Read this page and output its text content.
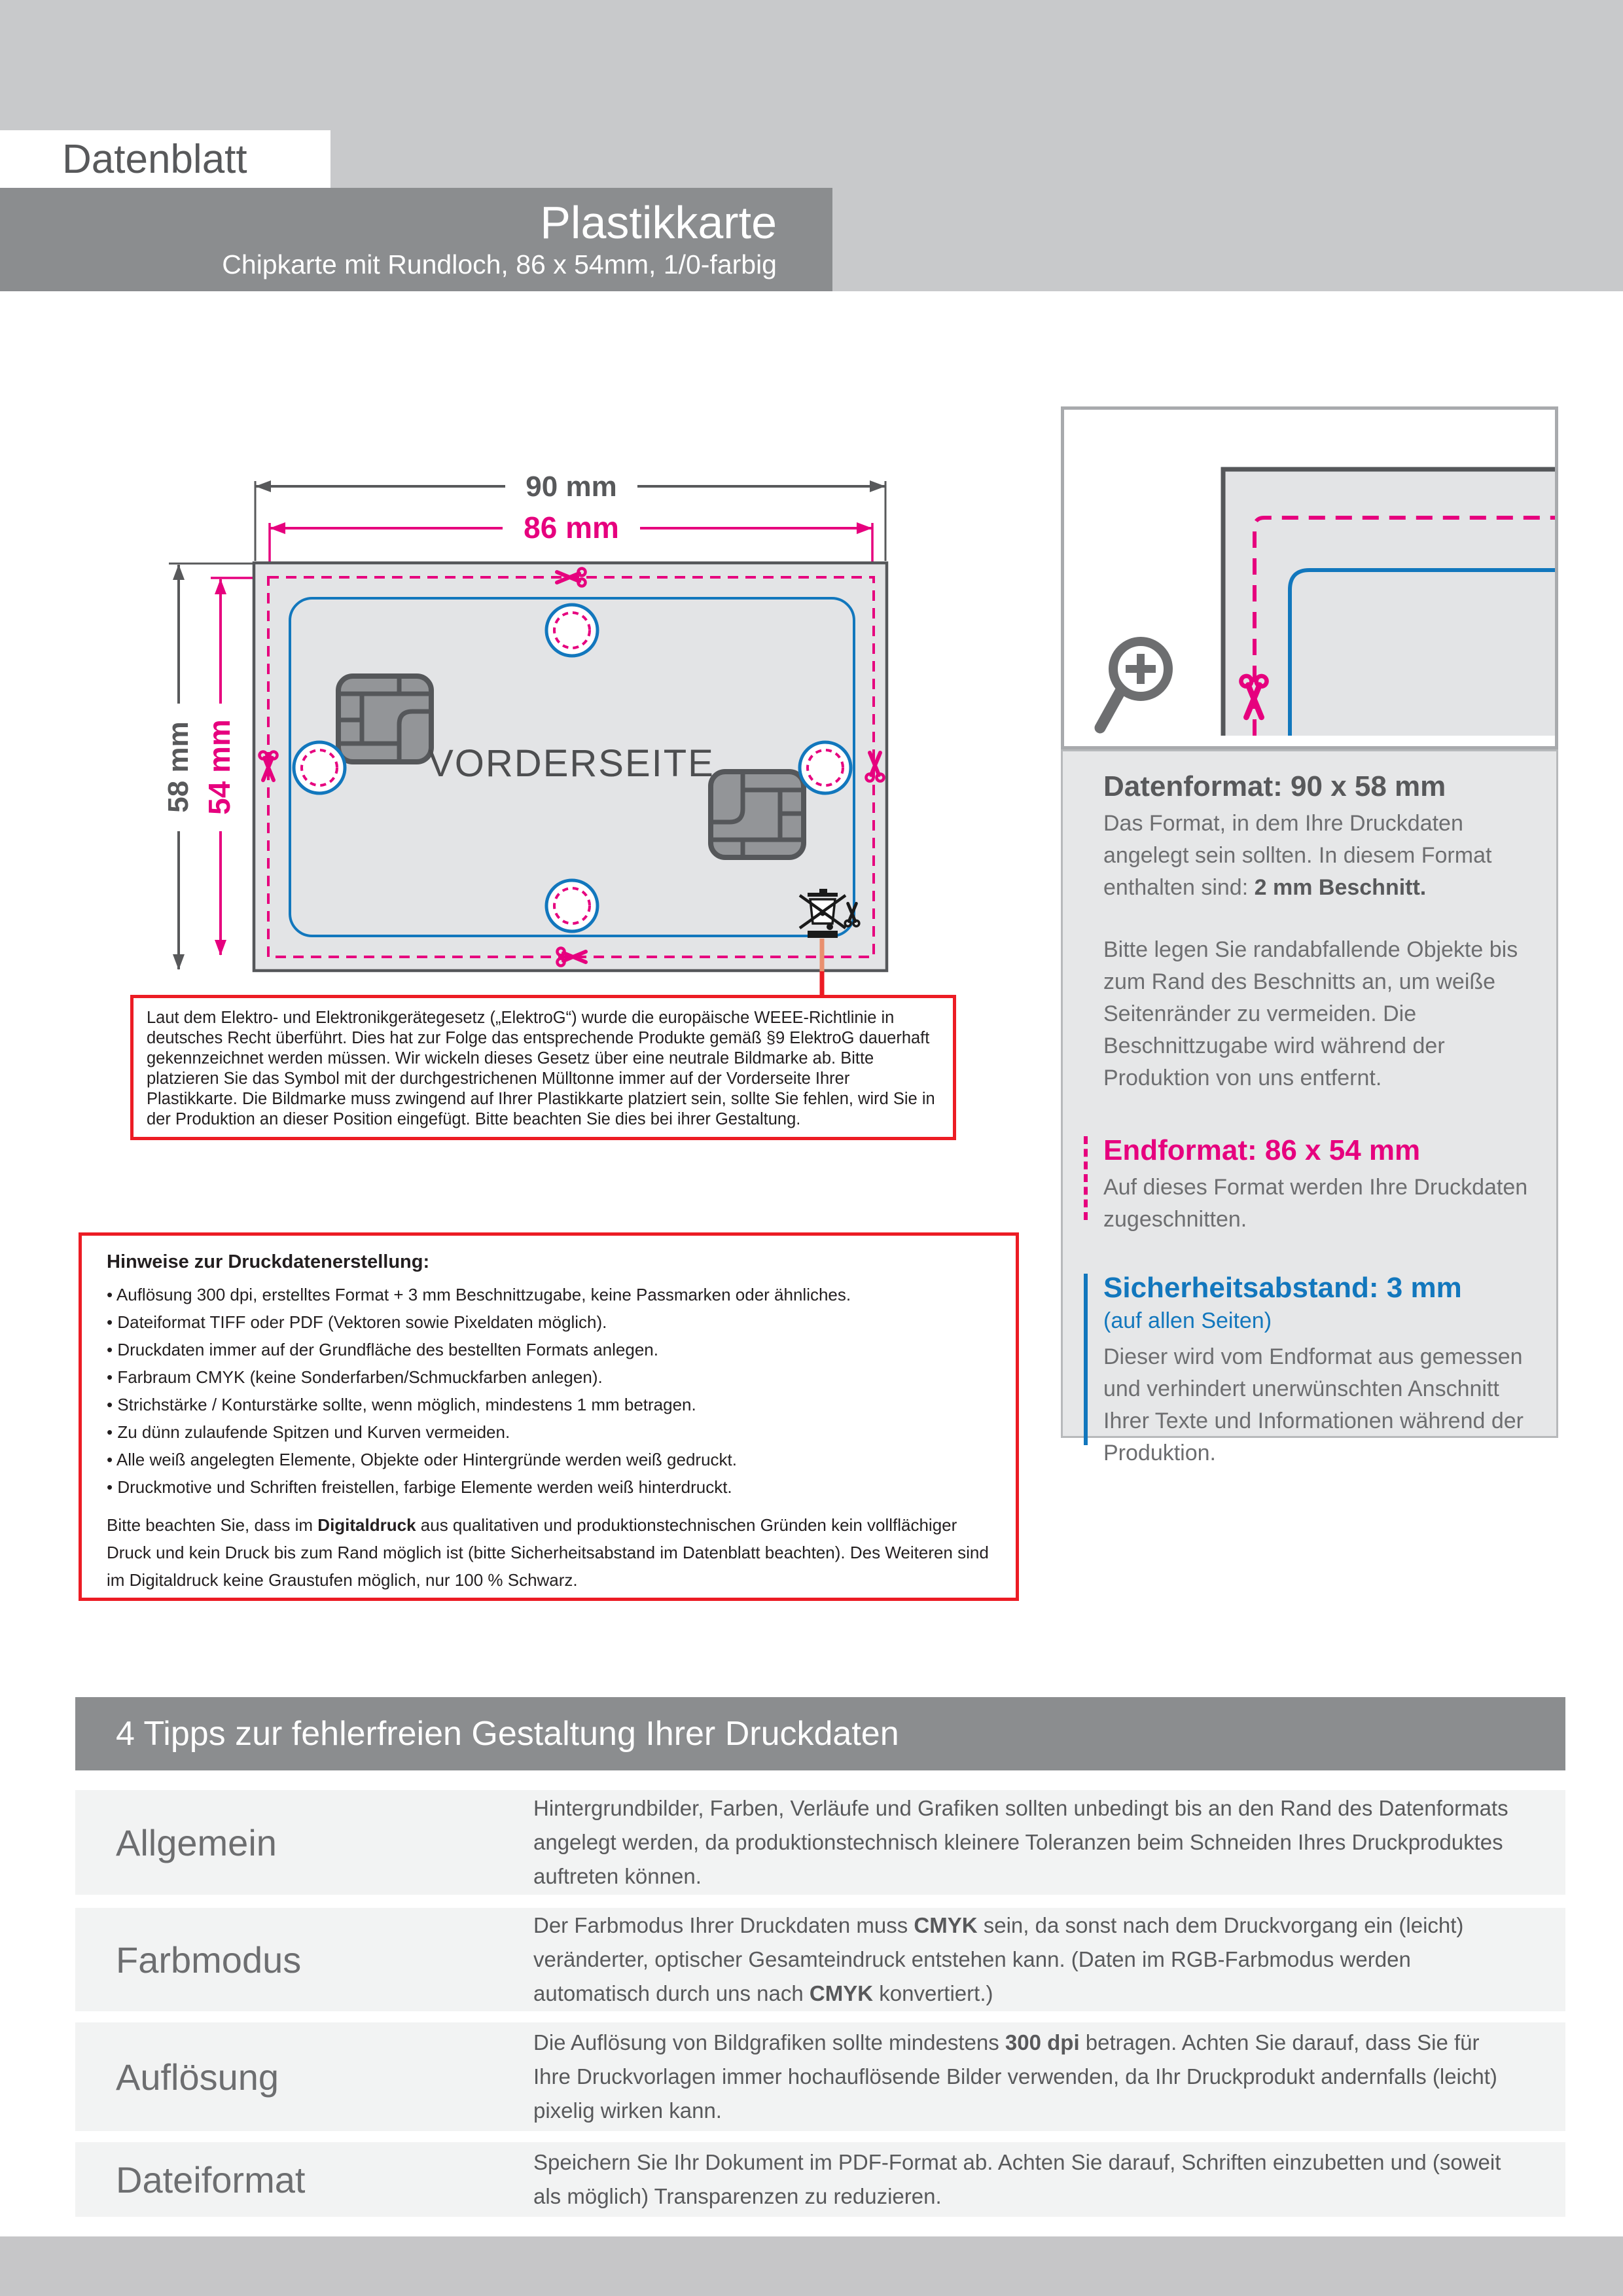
Datenblatt
Plastikkarte
Chipkarte mit Rundloch, 86 x 54mm, 1/0-farbig
90 mm
86 mm
58 mm 54 mm	VORDERSEITE
Laut dem Elektro- und Elektronikgerätegesetz („ElektroG“) wurde die europäische WEEE-Richtlinie in deutsches Recht überführt. Dies hat zur Folge das entsprechende Produkte gemäß §9 ElektroG dauerhaft gekennzeichnet werden müssen. Wir wickeln dieses Gesetz über eine neutrale Bildmarke ab. Bitte platzieren Sie das Symbol mit der durchgestrichenen Mülltonne immer auf der Vorderseite Ihrer Plastikkarte. Die Bildmarke muss zwingend auf Ihrer Plastikkarte platziert sein, sollte Sie fehlen, wird Sie in der Produktion an dieser Position eingefügt. Bitte beachten Sie dies bei ihrer Gestaltung.
Hinweise zur Druckdatenerstellung:
• Auflösung 300 dpi, erstelltes Format + 3 mm Beschnittzugabe, keine Passmarken oder ähnliches.
• Dateiformat TIFF oder PDF (Vektoren sowie Pixeldaten möglich).
• Druckdaten immer auf der Grundfläche des bestellten Formats anlegen.
• Farbraum CMYK (keine Sonderfarben/Schmuckfarben anlegen).
• Strichstärke / Konturstärke sollte, wenn möglich, mindestens 1 mm betragen.
• Zu dünn zulaufende Spitzen und Kurven vermeiden.
• Alle weiß angelegten Elemente, Objekte oder Hintergründe werden weiß gedruckt.
• Druckmotive und Schriften freistellen, farbige Elemente werden weiß hinterdruckt.
Bitte beachten Sie, dass im Digitaldruck aus qualitativen und produktionstechnischen Gründen kein vollflächiger Druck und kein Druck bis zum Rand möglich ist (bitte Sicherheitsabstand im Datenblatt beachten). Des Weiteren sind im Digitaldruck keine Graustufen möglich, nur 100 % Schwarz.
Datenformat: 90 x 58 mm

Das Format, in dem Ihre Druckdaten angelegt sein sollten. In diesem Format enthalten sind: 2 mm Beschnitt.

Bitte legen Sie randabfallende Objekte bis zum Rand des Beschnitts an, um weiße Seitenränder zu vermeiden. Die Beschnittzugabe wird während der Produktion von uns entfernt.

Endformat: 86 x 54 mm

Auf dieses Format werden Ihre Druckdaten zugeschnitten.

Sicherheitsabstand: 3 mm

(auf allen Seiten)

Dieser wird vom Endformat aus gemessen und verhindert unerwünschten Anschnitt Ihrer Texte und Informationen während der Produktion.

4 Tipps zur fehlerfreien Gestaltung Ihrer Druckdaten
Allgemein
Hintergrundbilder, Farben, Verläufe und Grafiken sollten unbedingt bis an den Rand des Datenformats angelegt werden, da produktionstechnisch kleinere Toleranzen beim Schneiden Ihres Druckproduktes auftreten können.
Farbmodus
Der Farbmodus Ihrer Druckdaten muss CMYK sein, da sonst nach dem Druckvorgang ein (leicht) veränderter, optischer Gesamteindruck entstehen kann. (Daten im RGB-Farbmodus werden automatisch durch uns nach CMYK konvertiert.)
Auflösung
Die Auflösung von Bildgrafiken sollte mindestens 300 dpi betragen. Achten Sie darauf, dass Sie für Ihre Druckvorlagen immer hochauflösende Bilder verwenden, da Ihr Druckprodukt andernfalls (leicht) pixelig wirken kann.
Dateiformat	Speichern Sie Ihr Dokument im PDF-Format ab. Achten Sie darauf, Schriften einzubetten und (soweit als möglich) Transparenzen zu reduzieren.
